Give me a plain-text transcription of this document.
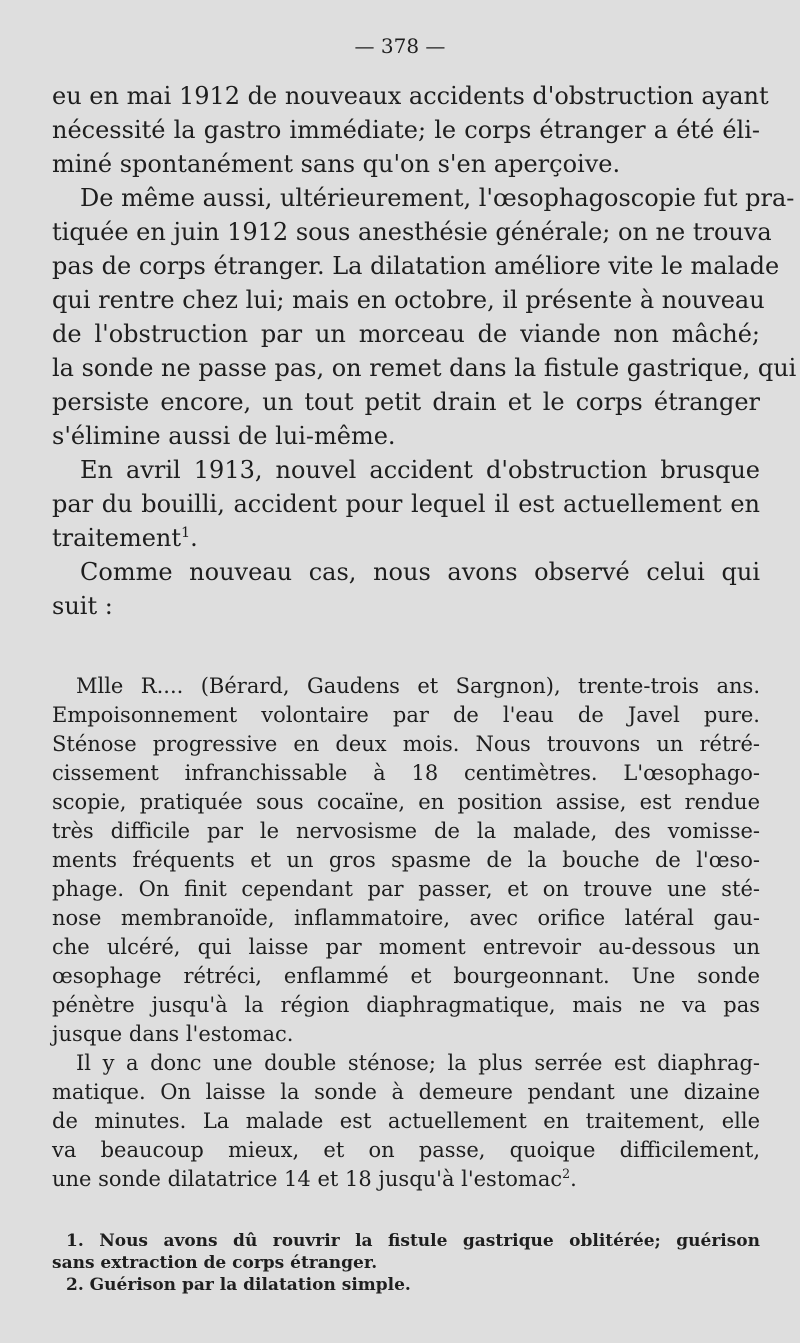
— 378 —
eu en mai 1912 de nouveaux accidents d'obstruction ayant
nécessité la gastro immédiate; le corps étranger a été éli-
miné spontanément sans qu'on s'en aperçoive.
De même aussi, ultérieurement, l'œsophagoscopie fut pra-
tiquée en juin 1912 sous anesthésie générale; on ne trouva
pas de corps étranger. La dilatation améliore vite le malade
qui rentre chez lui; mais en octobre, il présente à nouveau
de l'obstruction par un morceau de viande non mâché;
la sonde ne passe pas, on remet dans la fistule gastrique, qui
persiste encore, un tout petit drain et le corps étranger
s'élimine aussi de lui-même.
En avril 1913, nouvel accident d'obstruction brusque
par du bouilli, accident pour lequel il est actuellement en
traitement$^1$.
Comme nouveau cas, nous avons observé celui qui
suit :
Mlle R.... (Bérard, Gaudens et Sargnon), trente-trois ans.
Empoisonnement volontaire par de l'eau de Javel pure.
Sténose progressive en deux mois. Nous trouvons un rétré-
cissement infranchissable à 18 centimètres. L'œsophago-
scopie, pratiquée sous cocaïne, en position assise, est rendue
très difficile par le nervosisme de la malade, des vomisse-
ments fréquents et un gros spasme de la bouche de l'œso-
phage. On finit cependant par passer, et on trouve une sté-
nose membranoïde, inflammatoire, avec orifice latéral gau-
che ulcéré, qui laisse par moment entrevoir au-dessous un
œsophage rétréci, enflammé et bourgeonnant. Une sonde
pénètre jusqu'à la région diaphragmatique, mais ne va pas
jusque dans l'estomac.
Il y a donc une double sténose; la plus serrée est diaphrag-
matique. On laisse la sonde à demeure pendant une dizaine
de minutes. La malade est actuellement en traitement, elle
va beaucoup mieux, et on passe, quoique difficilement,
une sonde dilatatrice 14 et 18 jusqu'à l'estomac$^2$.
1. Nous avons dû rouvrir la fistule gastrique oblitérée; guérison
sans extraction de corps étranger.
2. Guérison par la dilatation simple.
